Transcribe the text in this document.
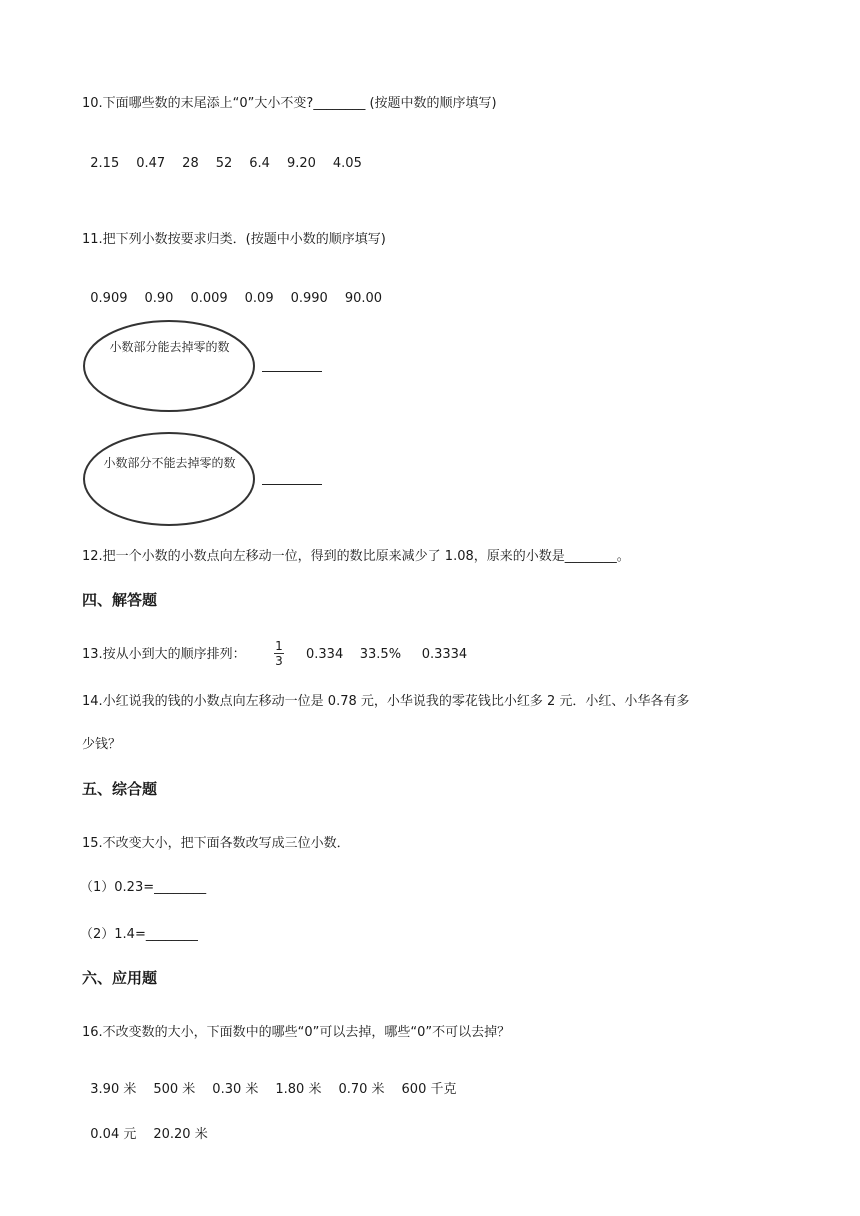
10.下面哪些数的末尾添上“0”大小不变?________ (按题中数的顺序填写)

2.15 0.47 28 52 6.4 9.20 4.05

11.把下列小数按要求归类．(按题中小数的顺序填写)

0.909 0.90 0.009 0.09 0.990 90.00

小数部分能去掉零的数
小数部分不能去掉零的数
12.把一个小数的小数点向左移动一位，得到的数比原来减少了 1.08，原来的小数是________。
四、解答题
13.按从小到大的顺序排列：
1
3 0.334    33.5%     0.3334
14.小红说我的钱的小数点向左移动一位是 0.78 元，小华说我的零花钱比小红多 2 元．小红、小华各有多
少钱？
五、综合题
15.不改变大小，把下面各数改写成三位小数．
（1）0.23=________
（2）1.4=________
六、应用题
16.不改变数的大小，下面数中的哪些“0”可以去掉，哪些“0”不可以去掉？

3.90 米 500 米 0.30 米 1.80 米 0.70 米 600 千克

0.04 元 20.20 米
